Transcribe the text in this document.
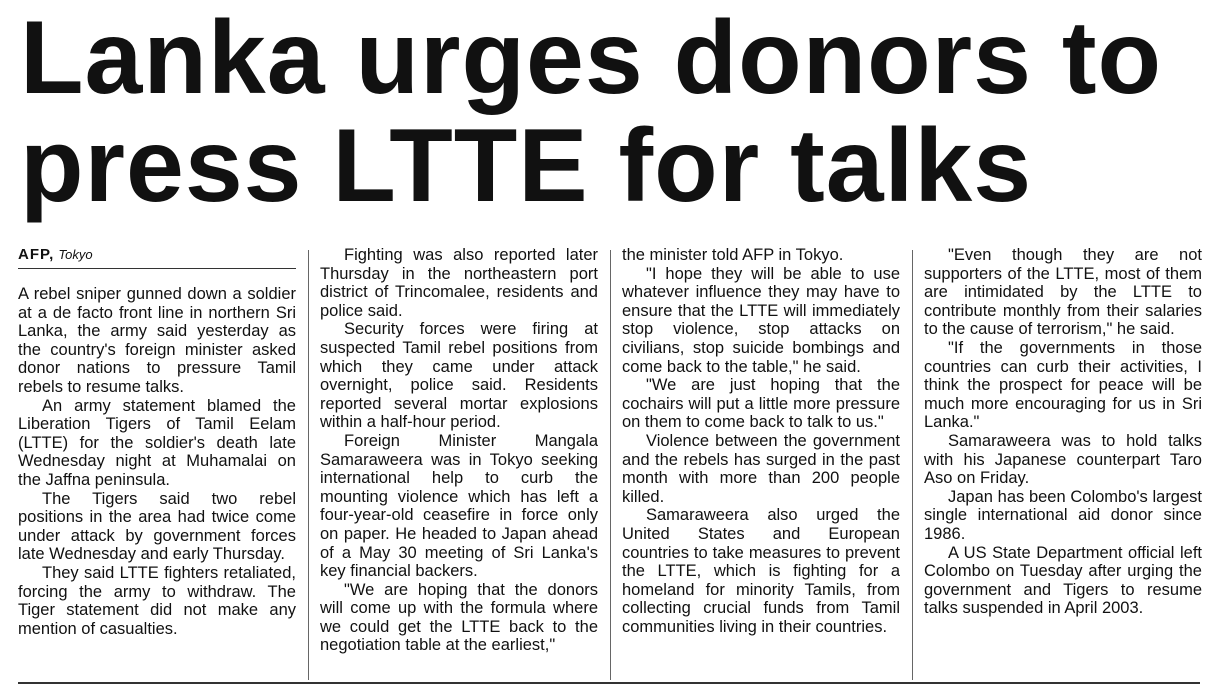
Lanka urges donors to
press LTTE for talks
AFP, Tokyo

A rebel sniper gunned down a soldier at a de facto front line in northern Sri Lanka, the army said yesterday as the country's foreign minister asked donor nations to pressure Tamil rebels to resume talks.

An army statement blamed the Liberation Tigers of Tamil Eelam (LTTE) for the soldier's death late Wednesday night at Muhamalai on the Jaffna peninsula.

The Tigers said two rebel positions in the area had twice come under attack by government forces late Wednesday and early Thursday.

They said LTTE fighters retaliated, forcing the army to withdraw. The Tiger statement did not make any mention of casualties.

Fighting was also reported later Thursday in the northeastern port district of Trincomalee, residents and police said.

Security forces were firing at suspected Tamil rebel positions from which they came under attack overnight, police said. Residents reported several mortar explosions within a half-hour period.

Foreign Minister Mangala Samaraweera was in Tokyo seeking international help to curb the mounting violence which has left a four-year-old ceasefire in force only on paper. He headed to Japan ahead of a May 30 meeting of Sri Lanka's key financial backers.

"We are hoping that the donors will come up with the formula where we could get the LTTE back to the negotiation table at the earliest,"

the minister told AFP in Tokyo.

"I hope they will be able to use whatever influence they may have to ensure that the LTTE will immediately stop violence, stop attacks on civilians, stop suicide bombings and come back to the table," he said.

"We are just hoping that the cochairs will put a little more pressure on them to come back to talk to us."

Violence between the government and the rebels has surged in the past month with more than 200 people killed.

Samaraweera also urged the United States and European countries to take measures to prevent the LTTE, which is fighting for a homeland for minority Tamils, from collecting crucial funds from Tamil communities living in their countries.

"Even though they are not supporters of the LTTE, most of them are intimidated by the LTTE to contribute monthly from their salaries to the cause of terrorism," he said.

"If the governments in those countries can curb their activities, I think the prospect for peace will be much more encouraging for us in Sri Lanka."

Samaraweera was to hold talks with his Japanese counterpart Taro Aso on Friday.

Japan has been Colombo's largest single international aid donor since 1986.

A US State Department official left Colombo on Tuesday after urging the government and Tigers to resume talks suspended in April 2003.
